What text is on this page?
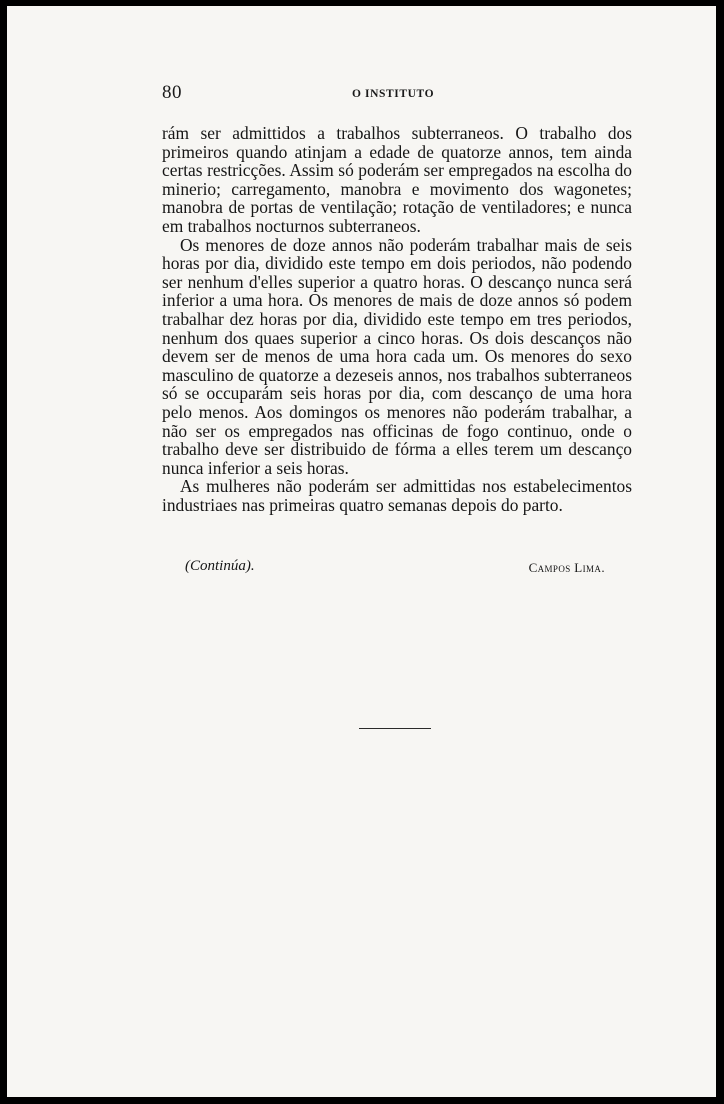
80	O INSTITUTO

rám ser admittidos a trabalhos subterraneos. O trabalho dos primeiros quando atinjam a edade de quatorze annos, tem ainda certas restricções. Assim só poderám ser empregados na escolha do minerio; carregamento, manobra e movimento dos wagonetes; manobra de portas de ventilação; rotação de ventiladores; e nunca em trabalhos nocturnos subterraneos.

Os menores de doze annos não poderám trabalhar mais de seis horas por dia, dividido este tempo em dois periodos, não podendo ser nenhum d'elles superior a quatro horas. O descanço nunca será inferior a uma hora. Os menores de mais de doze annos só podem trabalhar dez horas por dia, dividido este tempo em tres periodos, nenhum dos quaes superior a cinco horas. Os dois descanços não devem ser de menos de uma hora cada um. Os menores do sexo masculino de quatorze a dezeseis annos, nos trabalhos subterraneos só se occuparám seis horas por dia, com descanço de uma hora pelo menos. Aos domingos os menores não poderám trabalhar, a não ser os empregados nas officinas de fogo continuo, onde o trabalho deve ser distribuido de fórma a elles terem um descanço nunca inferior a seis horas.

As mulheres não poderám ser admittidas nos estabelecimentos industriaes nas primeiras quatro semanas depois do parto.

(Continúa).	Campos Lima.
